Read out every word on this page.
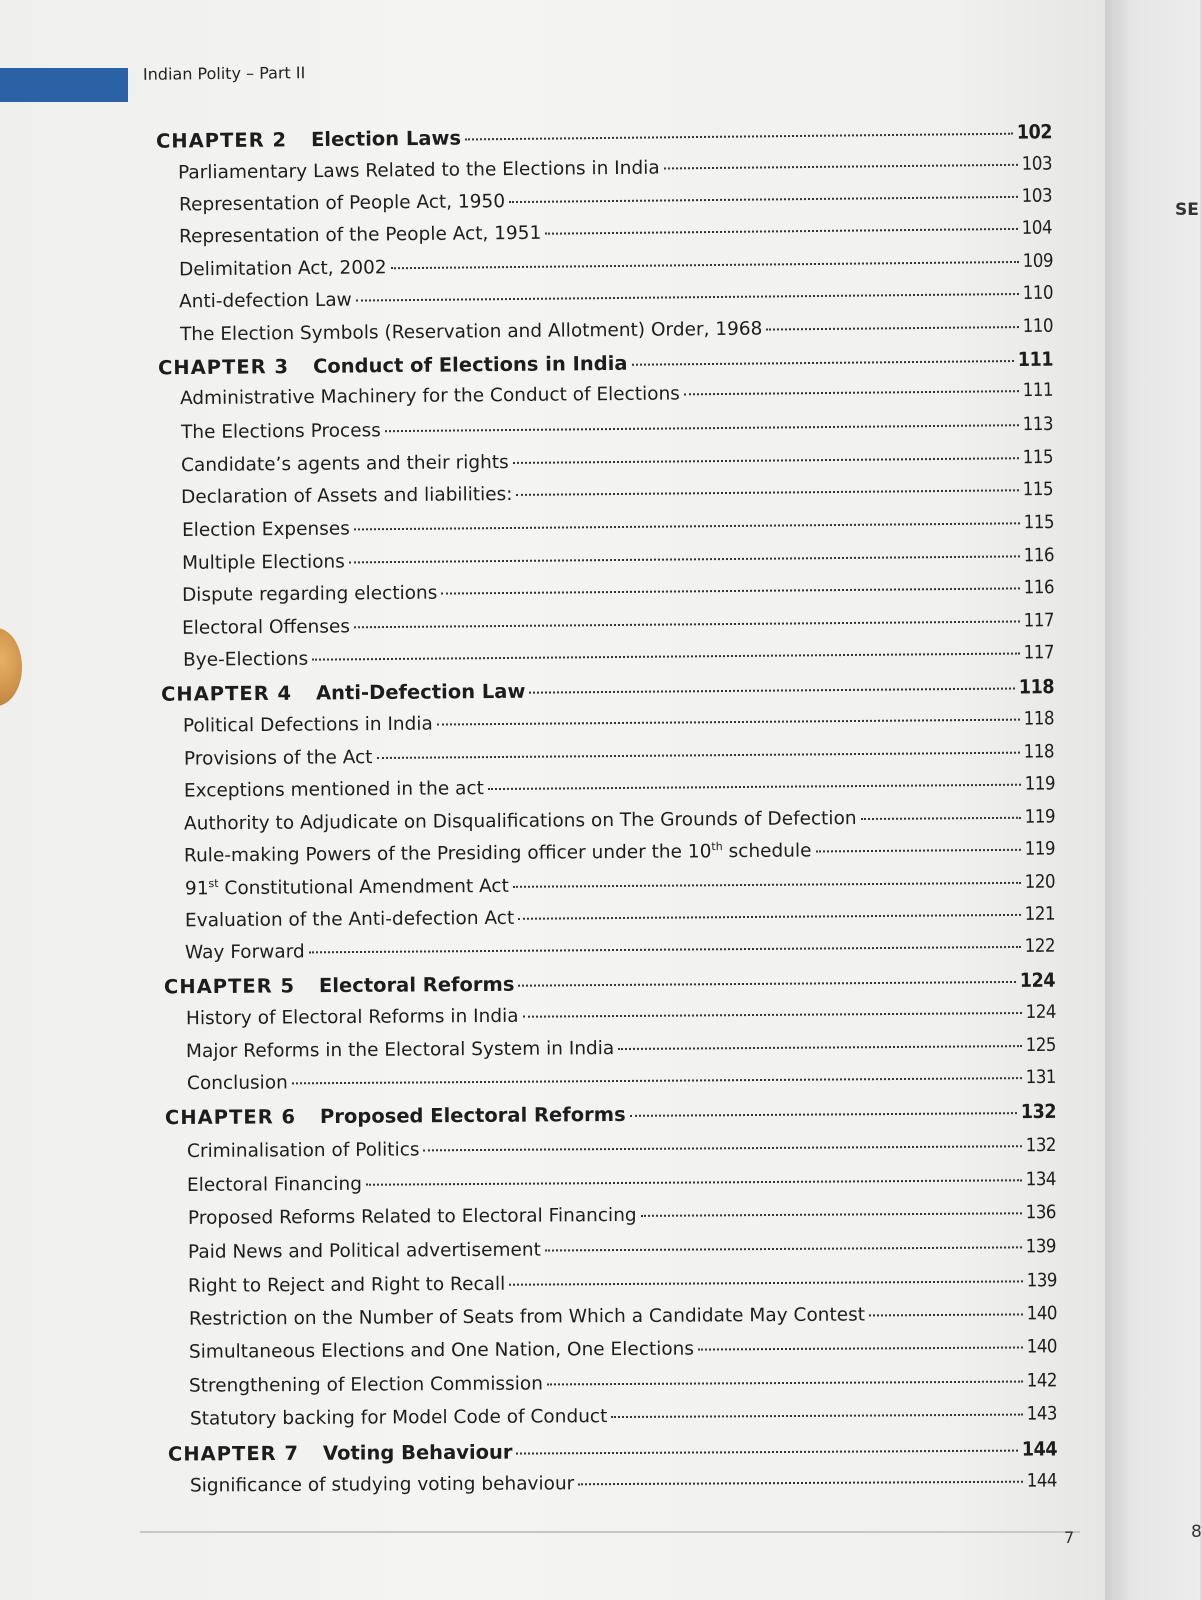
Indian Polity – Part II
CHAPTER 2 Election Laws	102
Parliamentary Laws Related to the Elections in India	103
Representation of People Act, 1950	103
Representation of the People Act, 1951	104
Delimitation Act, 2002	109
Anti-defection Law	110
The Election Symbols (Reservation and Allotment) Order, 1968	110
CHAPTER 3 Conduct of Elections in India	111
Administrative Machinery for the Conduct of Elections	111
The Elections Process	113
Candidate’s agents and their rights	115
Declaration of Assets and liabilities:	115
Election Expenses	115
Multiple Elections	116
Dispute regarding elections	116
Electoral Offenses	117
Bye-Elections	117
CHAPTER 4 Anti-Defection Law	118
Political Defections in India	118
Provisions of the Act	118
Exceptions mentioned in the act	119
Authority to Adjudicate on Disqualifications on The Grounds of Defection	119
Rule-making Powers of the Presiding officer under the 10th schedule	119
91st Constitutional Amendment Act	120
Evaluation of the Anti-defection Act	121
Way Forward	122
CHAPTER 5 Electoral Reforms	124
History of Electoral Reforms in India	124
Major Reforms in the Electoral System in India	125
Conclusion	131
CHAPTER 6 Proposed Electoral Reforms	132
Criminalisation of Politics	132
Electoral Financing	134
Proposed Reforms Related to Electoral Financing	136
Paid News and Political advertisement	139
Right to Reject and Right to Recall	139
Restriction on the Number of Seats from Which a Candidate May Contest	140
Simultaneous Elections and One Nation, One Elections	140
Strengthening of Election Commission	142
Statutory backing for Model Code of Conduct	143
CHAPTER 7 Voting Behaviour	144
Significance of studying voting behaviour	144
7
SE
8
